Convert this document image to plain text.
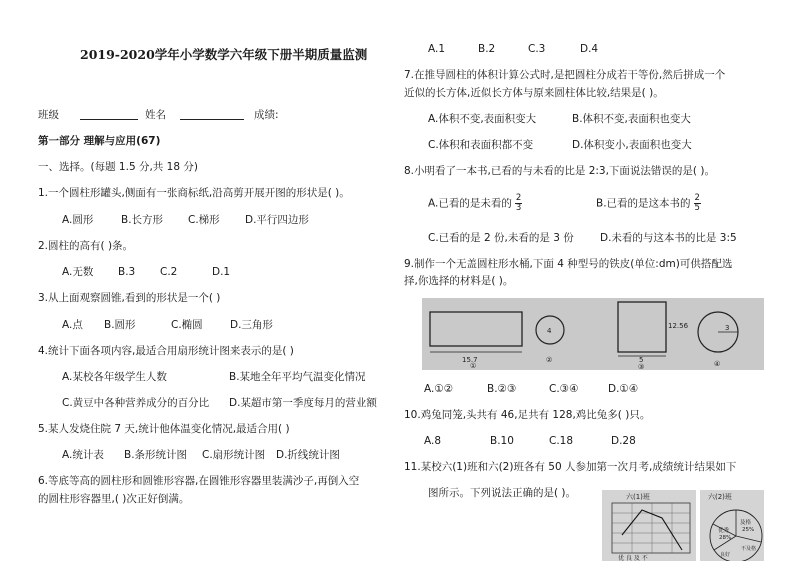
2019-2020学年小学数学六年级下册半期质量监测
班级	姓名	成绩:
第一部分 理解与应用(67)
一、选择。(每题 1.5 分,共 18 分)
1.一个圆柱形罐头,侧面有一张商标纸,沿高剪开展开图的形状是( )。
A.圆形	B.长方形 C.梯形 D.平行四边形
2.圆柱的高有( )条。
A.无数 B.3 C.2	D.1
3.从上面观察圆锥,看到的形状是一个( )
A.点 B.圆形	C.椭圆	D.三角形
4.统计下面各项内容,最适合用扇形统计图来表示的是( )
A.某校各年级学生人数	B.某地全年平均气温变化情况
C.黄豆中各种营养成分的百分比 D.某超市第一季度每月的营业额
5.某人发烧住院 7 天,统计他体温变化情况,最适合用( )
A.统计表 B.条形统计图 C.扇形统计图 D.折线统计图
6.等底等高的圆柱形和圆锥形容器,在圆锥形容器里装满沙子,再倒入空
的圆柱形容器里,( )次正好倒满。
A.1	B.2	C.3	D.4
7.在推导圆柱的体积计算公式时,是把圆柱分成若干等份,然后拼成一个
近似的长方体,近似长方体与原来圆柱体比较,结果是( )。
A.体积不变,表面积变大	B.体积不变,表面积也变大
C.体积和表面积都不变	D.体积变小,表面积也变大
8.小明看了一本书,已看的与未看的比是 2:3,下面说法错误的是( )。
A.已看的是未看的 $\frac{2}{3}$	B.已看的是这本书的 $\frac{2}{5}$
C.已看的是 2 份,未看的是 3 份	D.未看的与这本书的比是 3:5
9.制作一个无盖圆柱形水桶,下面 4 种型号的铁皮(单位:dm)可供搭配选
择,你选择的材料是( )。
15.7
①
4
②
12.56
5
③
3
④
A.①②	B.②③	C.③④	D.①④
10.鸡兔同笼,头共有 46,足共有 128,鸡比兔多( )只。
A.8	B.10	C.18	D.28
11.某校六(1)班和六(2)班各有 50 人参加第一次月考,成绩统计结果如下
图所示。下列说法正确的是( )。	六(1)班
优 良 及 不
六(2)班
及格
25%
优秀
28%
不及格
良好
